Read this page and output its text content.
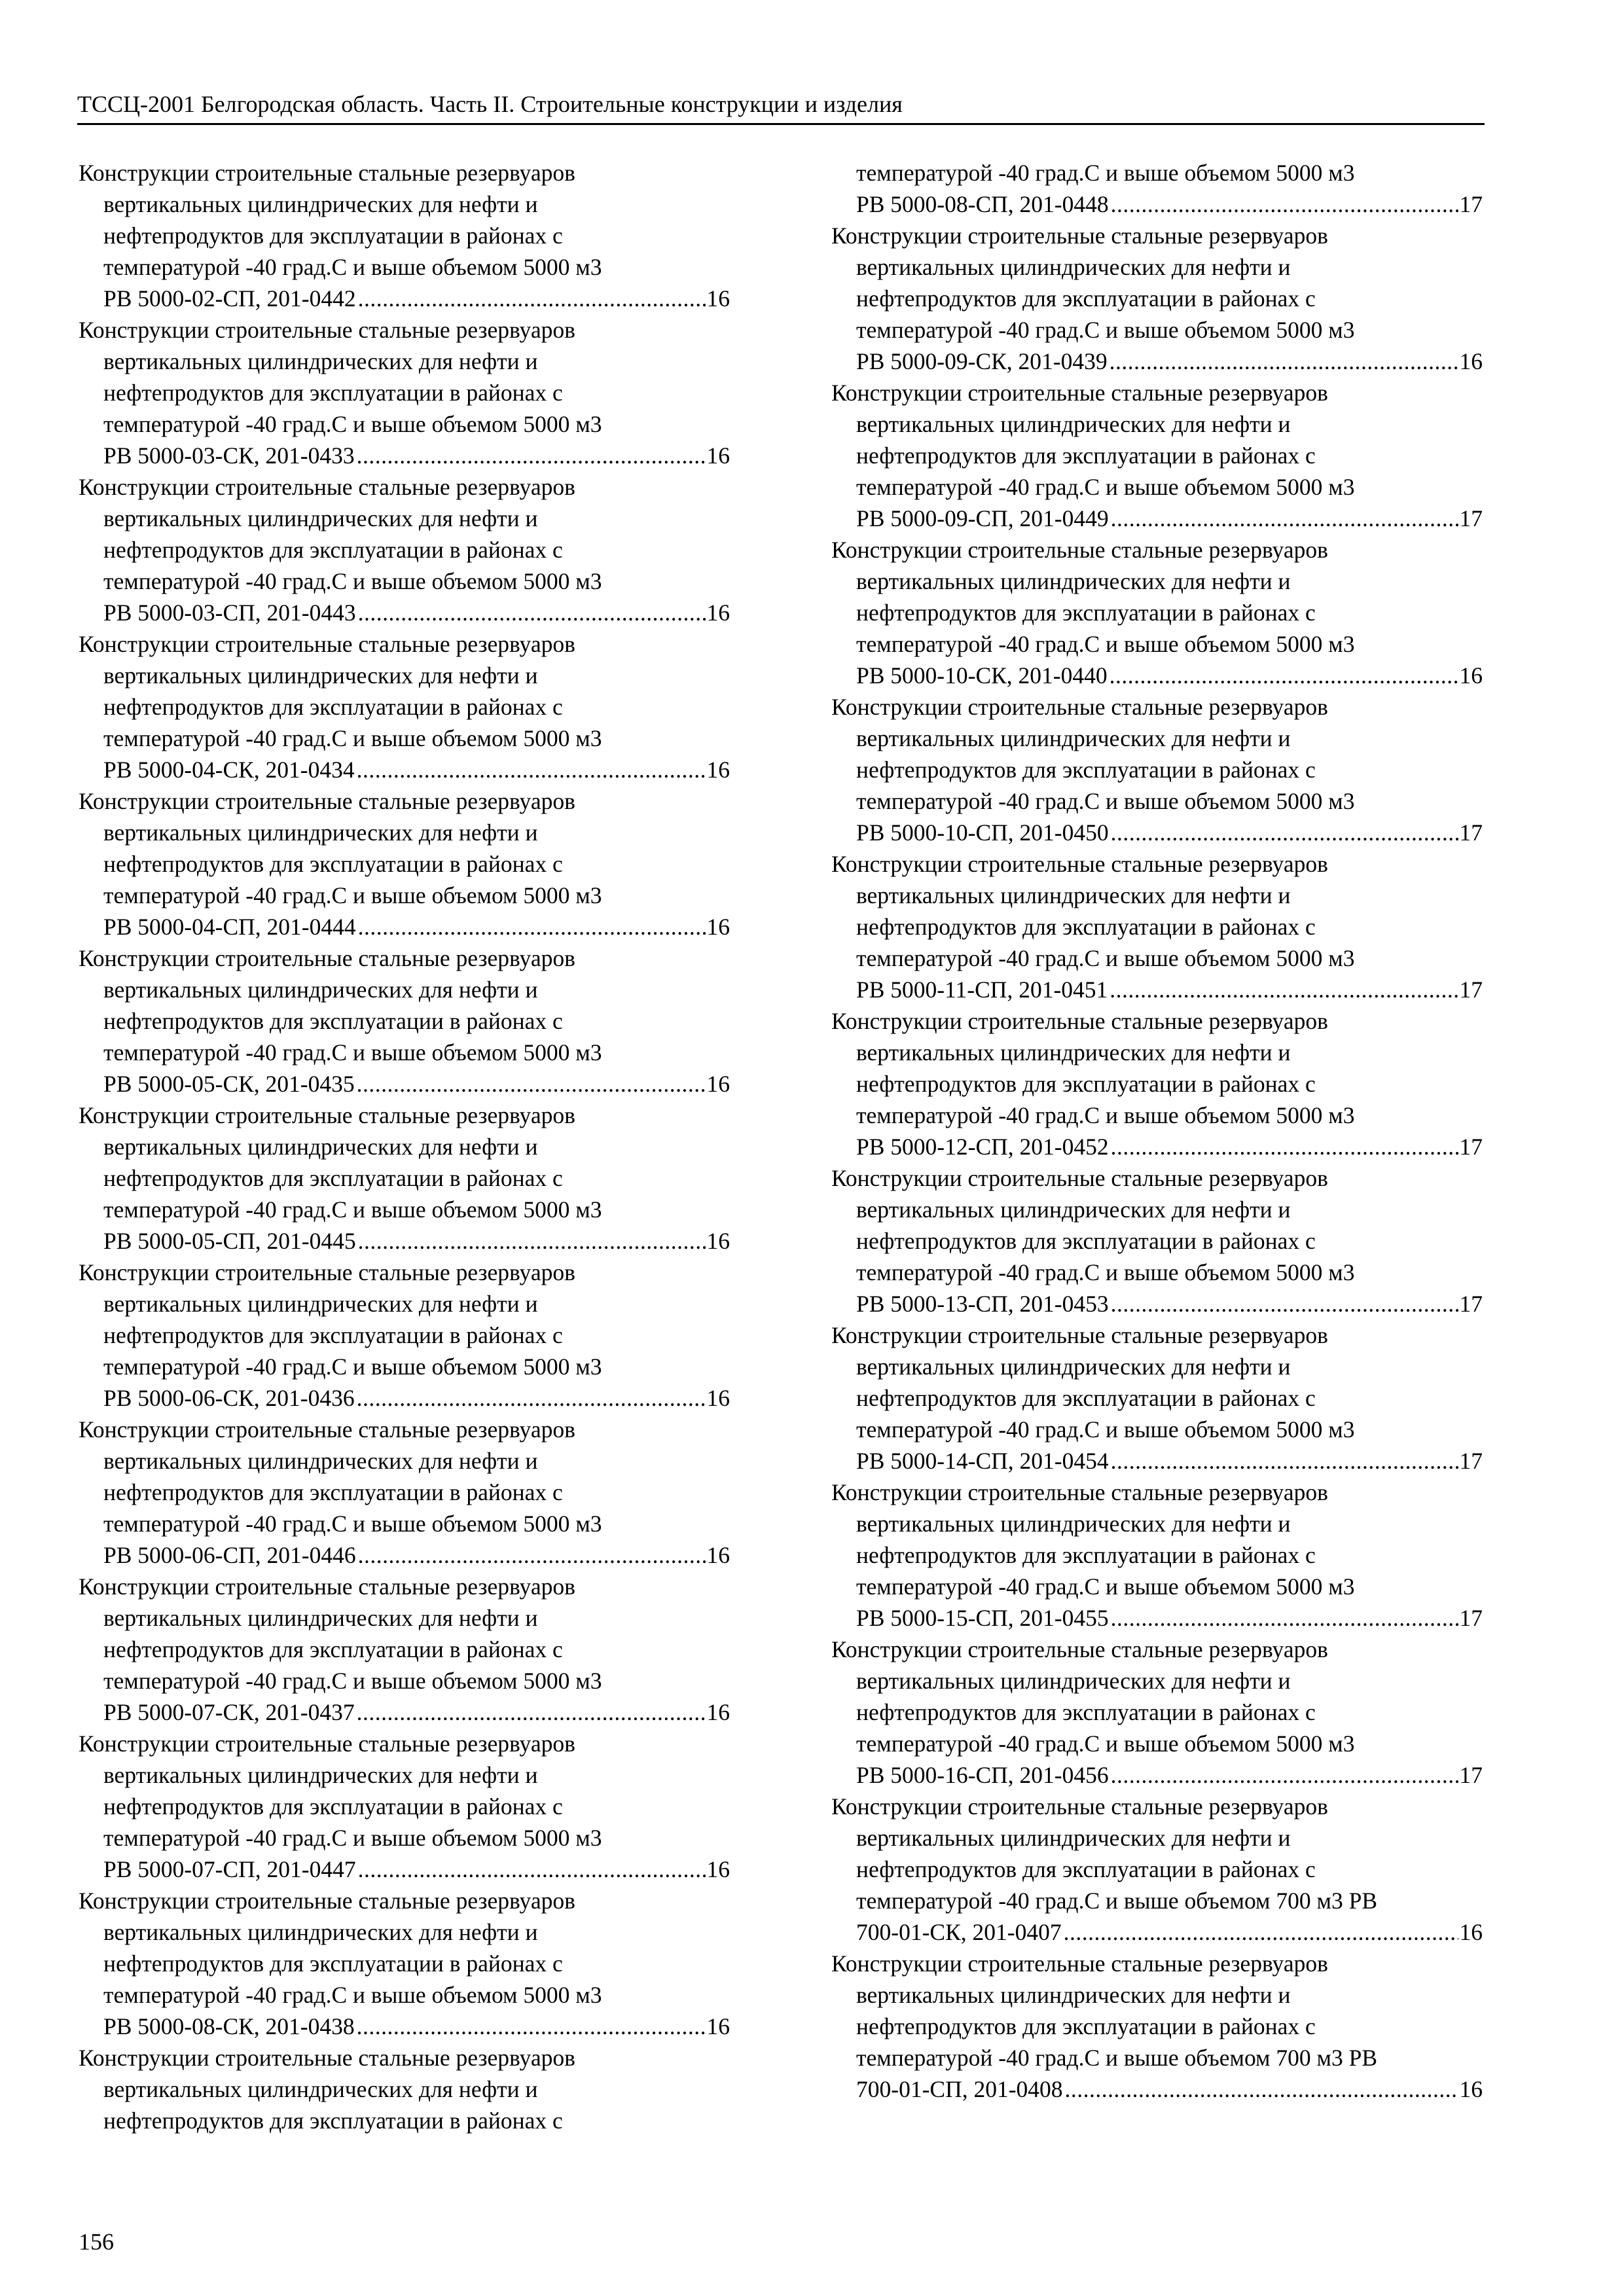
ТССЦ-2001 Белгородская область. Часть II. Строительные конструкции и изделия
Конструкции строительные стальные резервуаров
вертикальных цилиндрических для нефти и
нефтепродуктов для эксплуатации в районах с
температурой -40 град.С и выше объемом 5000 м3
РВ 5000-02-СП, 201-0442 .....	16
Конструкции строительные стальные резервуаров
вертикальных цилиндрических для нефти и
нефтепродуктов для эксплуатации в районах с
температурой -40 град.С и выше объемом 5000 м3
РВ 5000-03-СК, 201-0433 .....	16
Конструкции строительные стальные резервуаров
вертикальных цилиндрических для нефти и
нефтепродуктов для эксплуатации в районах с
температурой -40 град.С и выше объемом 5000 м3
РВ 5000-03-СП, 201-0443 .....	16
Конструкции строительные стальные резервуаров
вертикальных цилиндрических для нефти и
нефтепродуктов для эксплуатации в районах с
температурой -40 град.С и выше объемом 5000 м3
РВ 5000-04-СК, 201-0434 .....	16
Конструкции строительные стальные резервуаров
вертикальных цилиндрических для нефти и
нефтепродуктов для эксплуатации в районах с
температурой -40 град.С и выше объемом 5000 м3
РВ 5000-04-СП, 201-0444 .....	16
Конструкции строительные стальные резервуаров
вертикальных цилиндрических для нефти и
нефтепродуктов для эксплуатации в районах с
температурой -40 град.С и выше объемом 5000 м3
РВ 5000-05-СК, 201-0435 .....	16
Конструкции строительные стальные резервуаров
вертикальных цилиндрических для нефти и
нефтепродуктов для эксплуатации в районах с
температурой -40 град.С и выше объемом 5000 м3
РВ 5000-05-СП, 201-0445 .....	16
Конструкции строительные стальные резервуаров
вертикальных цилиндрических для нефти и
нефтепродуктов для эксплуатации в районах с
температурой -40 град.С и выше объемом 5000 м3
РВ 5000-06-СК, 201-0436 .....	16
Конструкции строительные стальные резервуаров
вертикальных цилиндрических для нефти и
нефтепродуктов для эксплуатации в районах с
температурой -40 град.С и выше объемом 5000 м3
РВ 5000-06-СП, 201-0446 .....	16
Конструкции строительные стальные резервуаров
вертикальных цилиндрических для нефти и
нефтепродуктов для эксплуатации в районах с
температурой -40 град.С и выше объемом 5000 м3
РВ 5000-07-СК, 201-0437 .....	16
Конструкции строительные стальные резервуаров
вертикальных цилиндрических для нефти и
нефтепродуктов для эксплуатации в районах с
температурой -40 град.С и выше объемом 5000 м3
РВ 5000-07-СП, 201-0447 .....	16
Конструкции строительные стальные резервуаров
вертикальных цилиндрических для нефти и
нефтепродуктов для эксплуатации в районах с
температурой -40 град.С и выше объемом 5000 м3
РВ 5000-08-СК, 201-0438 .....	16
Конструкции строительные стальные резервуаров
вертикальных цилиндрических для нефти и
нефтепродуктов для эксплуатации в районах с
температурой -40 град.С и выше объемом 5000 м3
РВ 5000-08-СП, 201-0448 .....	17
Конструкции строительные стальные резервуаров
вертикальных цилиндрических для нефти и
нефтепродуктов для эксплуатации в районах с
температурой -40 град.С и выше объемом 5000 м3
РВ 5000-09-СК, 201-0439 .....	16
Конструкции строительные стальные резервуаров
вертикальных цилиндрических для нефти и
нефтепродуктов для эксплуатации в районах с
температурой -40 град.С и выше объемом 5000 м3
РВ 5000-09-СП, 201-0449 .....	17
Конструкции строительные стальные резервуаров
вертикальных цилиндрических для нефти и
нефтепродуктов для эксплуатации в районах с
температурой -40 град.С и выше объемом 5000 м3
РВ 5000-10-СК, 201-0440 .....	16
Конструкции строительные стальные резервуаров
вертикальных цилиндрических для нефти и
нефтепродуктов для эксплуатации в районах с
температурой -40 град.С и выше объемом 5000 м3
РВ 5000-10-СП, 201-0450 .....	17
Конструкции строительные стальные резервуаров
вертикальных цилиндрических для нефти и
нефтепродуктов для эксплуатации в районах с
температурой -40 град.С и выше объемом 5000 м3
РВ 5000-11-СП, 201-0451 .....	17
Конструкции строительные стальные резервуаров
вертикальных цилиндрических для нефти и
нефтепродуктов для эксплуатации в районах с
температурой -40 град.С и выше объемом 5000 м3
РВ 5000-12-СП, 201-0452 .....	17
Конструкции строительные стальные резервуаров
вертикальных цилиндрических для нефти и
нефтепродуктов для эксплуатации в районах с
температурой -40 град.С и выше объемом 5000 м3
РВ 5000-13-СП, 201-0453 .....	17
Конструкции строительные стальные резервуаров
вертикальных цилиндрических для нефти и
нефтепродуктов для эксплуатации в районах с
температурой -40 град.С и выше объемом 5000 м3
РВ 5000-14-СП, 201-0454 .....	17
Конструкции строительные стальные резервуаров
вертикальных цилиндрических для нефти и
нефтепродуктов для эксплуатации в районах с
температурой -40 град.С и выше объемом 5000 м3
РВ 5000-15-СП, 201-0455 .....	17
Конструкции строительные стальные резервуаров
вертикальных цилиндрических для нефти и
нефтепродуктов для эксплуатации в районах с
температурой -40 град.С и выше объемом 5000 м3
РВ 5000-16-СП, 201-0456 .....	17
Конструкции строительные стальные резервуаров
вертикальных цилиндрических для нефти и
нефтепродуктов для эксплуатации в районах с
температурой -40 град.С и выше объемом 700 м3 РВ
700-01-СК, 201-0407 .....	16
Конструкции строительные стальные резервуаров
вертикальных цилиндрических для нефти и
нефтепродуктов для эксплуатации в районах с
температурой -40 град.С и выше объемом 700 м3 РВ
700-01-СП, 201-0408 .....	16
156
